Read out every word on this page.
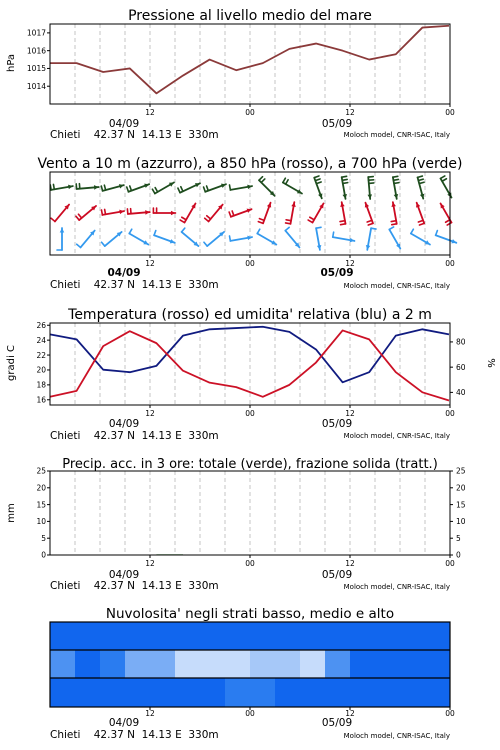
Pressione al livello medio del mare
hPa
1014
1015
1016
1017
12	00	12	00
04/09	05/09
Chieti    42.37 N  14.13 E  330m	Moloch model, CNR-ISAC, Italy
Vento a 10 m (azzurro), a 850 hPa (rosso), a 700 hPa (verde)
12	00	12	00
04/09	05/09
Chieti    42.37 N  14.13 E  330m	Moloch model, CNR-ISAC, Italy
Temperatura (rosso) ed umidita' relativa (blu) a 2 m
gradi C	%
16
18
20
22
24
26
40
60
80
12	00	12	00
04/09	05/09
Chieti    42.37 N  14.13 E  330m	Moloch model, CNR-ISAC, Italy
Precip. acc. in 3 ore: totale (verde), frazione solida (tratt.)
mm
0
5
10
15
20
25
0
5
10
15
20
25
12	00	12	00
04/09	05/09
Chieti    42.37 N  14.13 E  330m	Moloch model, CNR-ISAC, Italy
Nuvolosita' negli strati basso, medio e alto
12	00	12	00
04/09	05/09
Chieti    42.37 N  14.13 E  330m	Moloch model, CNR-ISAC, Italy
